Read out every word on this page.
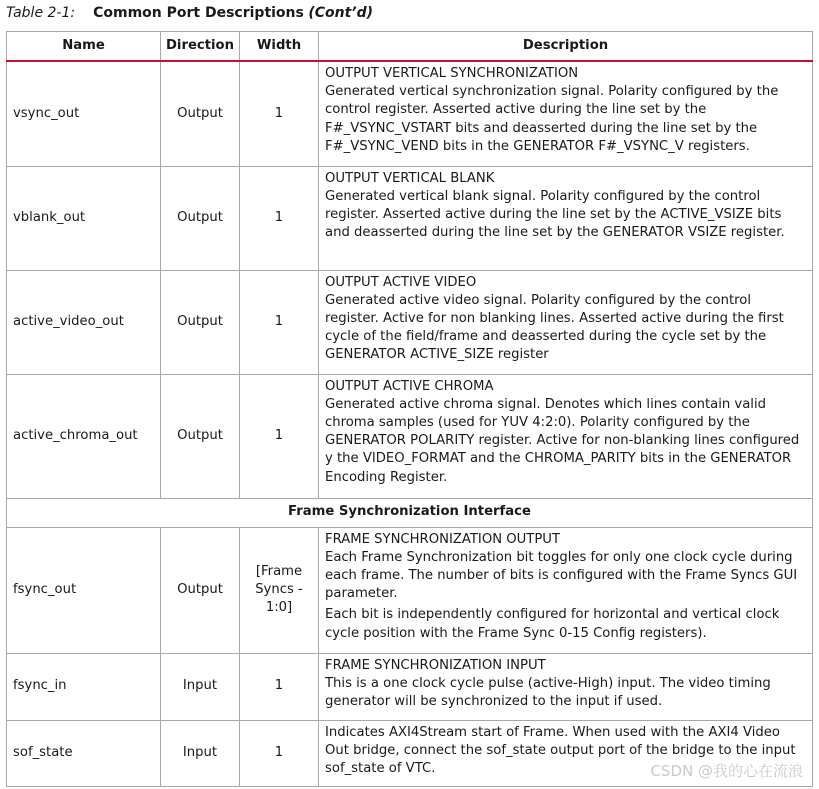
Table 2-1: Common Port Descriptions (Cont’d)
Name	Direction	Width	Description
vsync_out	Output	1	OUTPUT VERTICAL SYNCHRONIZATION
Generated vertical synchronization signal. Polarity configured by the control register. Asserted active during the line set by the F#_VSYNC_VSTART bits and deasserted during the line set by the F#_VSYNC_VEND bits in the GENERATOR F#_VSYNC_V registers.

vblank_out	Output	1	OUTPUT VERTICAL BLANK
Generated vertical blank signal. Polarity configured by the control register. Asserted active during the line set by the ACTIVE_VSIZE bits and deasserted during the line set by the GENERATOR VSIZE register.

active_video_out	Output	1	OUTPUT ACTIVE VIDEO
Generated active video signal. Polarity configured by the control register. Active for non blanking lines. Asserted active during the first cycle of the field/frame and deasserted during the cycle set by the GENERATOR ACTIVE_SIZE register

active_chroma_out	Output	1	OUTPUT ACTIVE CHROMA
Generated active chroma signal. Denotes which lines contain valid chroma samples (used for YUV 4:2:0). Polarity configured by the GENERATOR POLARITY register. Active for non-blanking lines configured y the VIDEO_FORMAT and the CHROMA_PARITY bits in the GENERATOR Encoding Register.

Frame Synchronization Interface			
fsync_out	Output	[Frame Syncs - 1:0]	FRAME SYNCHRONIZATION OUTPUT
Each Frame Synchronization bit toggles for only one clock cycle during each frame. The number of bits is configured with the Frame Syncs GUI parameter.
Each bit is independently configured for horizontal and vertical clock cycle position with the Frame Sync 0-15 Config registers).

fsync_in	Input	1	FRAME SYNCHRONIZATION INPUT
This is a one clock cycle pulse (active-High) input. The video timing generator will be synchronized to the input if used.

sof_state	Input	1	Indicates AXI4Stream start of Frame. When used with the AXI4 Video Out bridge, connect the sof_state output port of the bridge to the input sof_state of VTC.	CSDN @我的心在流浪
